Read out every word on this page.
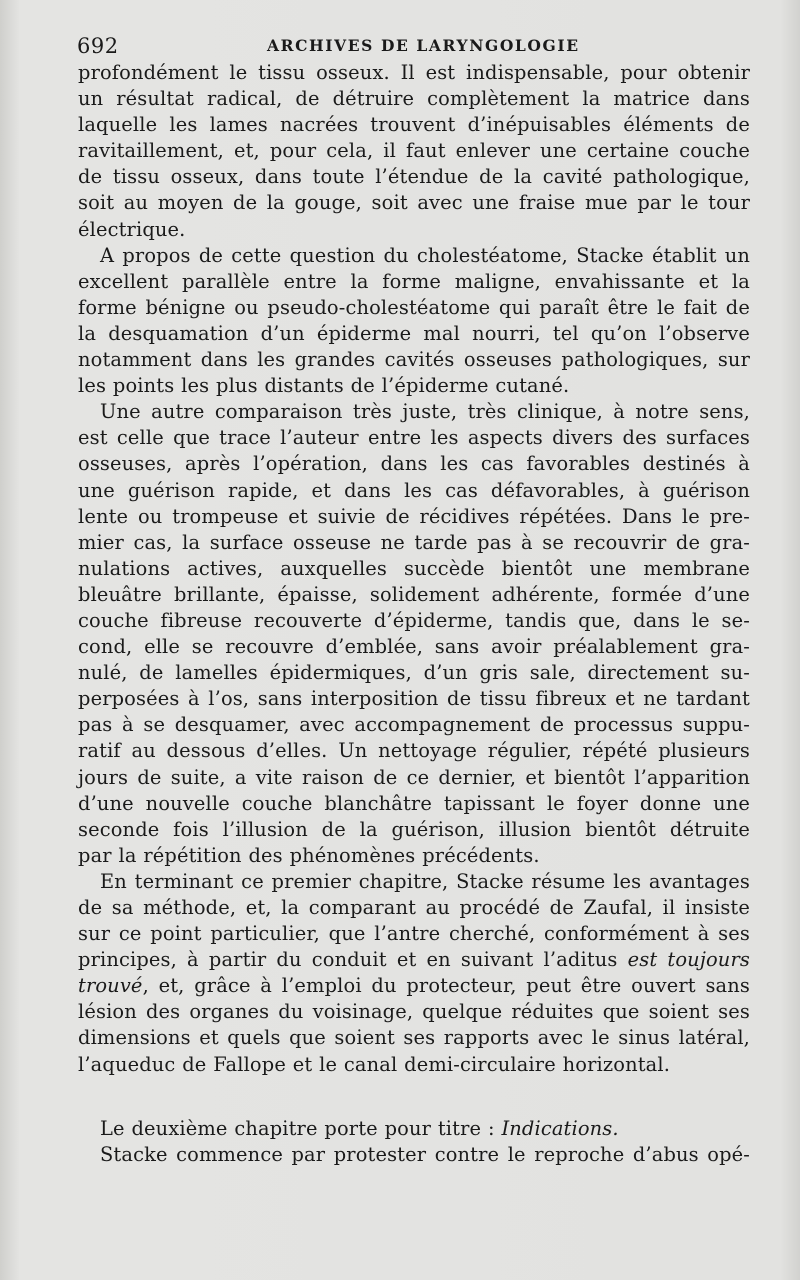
692	ARCHIVES DE LARYNGOLOGIE
profondément le tissu osseux. Il est indispensable, pour obtenir
un résultat radical, de détruire complètement la matrice dans
laquelle les lames nacrées trouvent d’inépuisables éléments de
ravitaillement, et, pour cela, il faut enlever une certaine couche
de tissu osseux, dans toute l’étendue de la cavité pathologique,
soit au moyen de la gouge, soit avec une fraise mue par le tour
électrique.
A propos de cette question du cholestéatome, Stacke établit un
excellent parallèle entre la forme maligne, envahissante et la
forme bénigne ou pseudo-cholestéatome qui paraît être le fait de
la desquamation d’un épiderme mal nourri, tel qu’on l’observe
notamment dans les grandes cavités osseuses pathologiques, sur
les points les plus distants de l’épiderme cutané.
Une autre comparaison très juste, très clinique, à notre sens,
est celle que trace l’auteur entre les aspects divers des surfaces
osseuses, après l’opération, dans les cas favorables destinés à
une guérison rapide, et dans les cas défavorables, à guérison
lente ou trompeuse et suivie de récidives répétées. Dans le pre-
mier cas, la surface osseuse ne tarde pas à se recouvrir de gra-
nulations actives, auxquelles succède bientôt une membrane
bleuâtre brillante, épaisse, solidement adhérente, formée d’une
couche fibreuse recouverte d’épiderme, tandis que, dans le se-
cond, elle se recouvre d’emblée, sans avoir préalablement gra-
nulé, de lamelles épidermiques, d’un gris sale, directement su-
perposées à l’os, sans interposition de tissu fibreux et ne tardant
pas à se desquamer, avec accompagnement de processus suppu-
ratif au dessous d’elles. Un nettoyage régulier, répété plusieurs
jours de suite, a vite raison de ce dernier, et bientôt l’apparition
d’une nouvelle couche blanchâtre tapissant le foyer donne une
seconde fois l’illusion de la guérison, illusion bientôt détruite
par la répétition des phénomènes précédents.
En terminant ce premier chapitre, Stacke résume les avantages
de sa méthode, et, la comparant au procédé de Zaufal, il insiste
sur ce point particulier, que l’antre cherché, conformément à ses
principes, à partir du conduit et en suivant l’aditus est toujours
trouvé, et, grâce à l’emploi du protecteur, peut être ouvert sans
lésion des organes du voisinage, quelque réduites que soient ses
dimensions et quels que soient ses rapports avec le sinus latéral,
l’aqueduc de Fallope et le canal demi-circulaire horizontal.
Le deuxième chapitre porte pour titre : Indications.
Stacke commence par protester contre le reproche d’abus opé-
